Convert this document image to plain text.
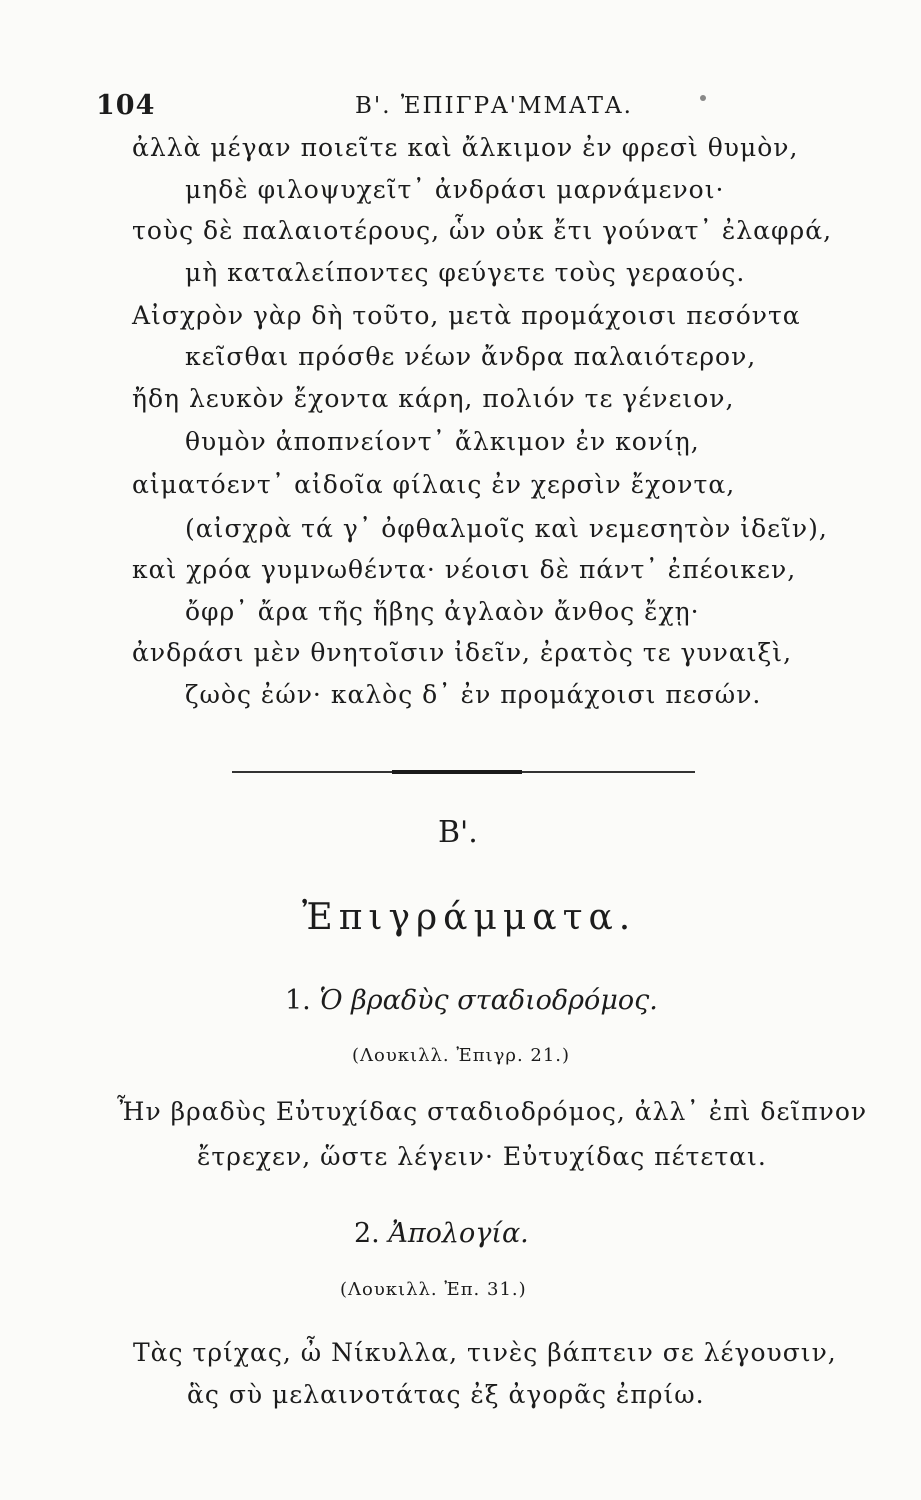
104	Β'. ἘΠΙΓΡΑ'ΜΜΑΤΑ.
ἀλλὰ μέγαν ποιεῖτε καὶ ἄλκιμον ἐν φρεσὶ θυμὸν,
μηδὲ φιλοψυχεῖτ᾽ ἀνδράσι μαρνάμενοι·
τοὺς δὲ παλαιοτέρους, ὧν οὐκ ἔτι γούνατ᾽ ἐλαφρά,
μὴ καταλείποντες φεύγετε τοὺς γεραούς.
Αἰσχρὸν γὰρ δὴ τοῦτο, μετὰ προμάχοισι πεσόντα
κεῖσθαι πρόσθε νέων ἄνδρα παλαιότερον,
ἤδη λευκὸν ἔχοντα κάρη, πολιόν τε γένειον,
θυμὸν ἀποπνείοντ᾽ ἄλκιμον ἐν κονίῃ,
αἱματόεντ᾽ αἰδοῖα φίλαις ἐν χερσὶν ἔχοντα,
(αἰσχρὰ τά γ᾽ ὀφθαλμοῖς καὶ νεμεσητὸν ἰδεῖν),
καὶ χρόα γυμνωθέντα· νέοισι δὲ πάντ᾽ ἐπέοικεν,
ὄφρ᾽ ἄρα τῆς ἥβης ἀγλαὸν ἄνθος ἔχῃ·
ἀνδράσι μὲν θνητοῖσιν ἰδεῖν, ἐρατὸς τε γυναιξὶ,
ζωὸς ἐών· καλὸς δ᾽ ἐν προμάχοισι πεσών.
Β'.
Ἐπιγράμματα.
1. Ὁ βραδὺς σταδιοδρόμος.
(Λουκιλλ. Ἐπιγρ. 21.)
Ἦν βραδὺς Εὐτυχίδας σταδιοδρόμος, ἀλλ᾽ ἐπὶ δεῖπνον
ἔτρεχεν, ὥστε λέγειν· Εὐτυχίδας πέτεται.
2. Ἀπολογία.
(Λουκιλλ. Ἐπ. 31.)
Τὰς τρίχας, ὦ Νίκυλλα, τινὲς βάπτειν σε λέγουσιν,
ἃς σὺ μελαινοτάτας ἐξ ἀγορᾶς ἐπρίω.
